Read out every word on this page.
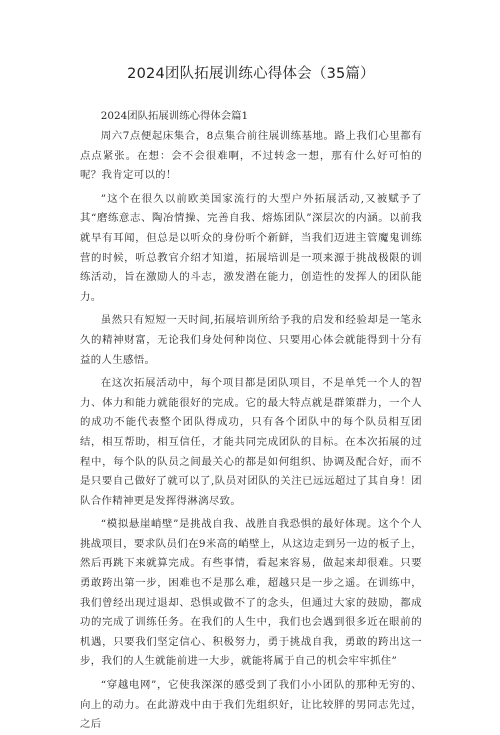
2024团队拓展训练心得体会（35篇）
2024团队拓展训练心得体会篇1

周六7点便起床集合，8点集合前往展训练基地。路上我们心里都有点点紧张。在想：会不会很难啊，不过转念一想，那有什么好可怕的呢？我肯定可以的！

”这个在很久以前欧美国家流行的大型户外拓展活动,又被赋予了其“磨练意志、陶冶情操、完善自我、熔炼团队”深层次的内涵。以前我就早有耳闻，但总是以听众的身份听个新鲜，当我们迈进主管魔鬼训练营的时候，听总教官介绍才知道，拓展培训是一项来源于挑战极限的训练活动，旨在激励人的斗志，激发潜在能力，创造性的发挥人的团队能力。

虽然只有短短一天时间,拓展培训所给予我的启发和经验却是一笔永久的精神财富，无论我们身处何种岗位、只要用心体会就能得到十分有益的人生感悟。

在这次拓展活动中，每个项目都是团队项目，不是单凭一个人的智力、体力和能力就能很好的完成。它的最大特点就是群策群力，一个人的成功不能代表整个团队得成功，只有各个团队中的每个队员相互团结，相互帮助，相互信任，才能共同完成团队的目标。在本次拓展的过程中，每个队的队员之间最关心的都是如何组织、协调及配合好，而不是只要自己做好了就可以了,队员对团队的关注已远远超过了其自身！团队合作精神更是发挥得淋漓尽致。

“模拟悬崖峭壁”是挑战自我、战胜自我恐惧的最好体现。这个个人挑战项目，要求队员们在9米高的峭壁上，从这边走到另一边的板子上，然后再跳下来就算完成。有些事情，看起来容易，做起来却很难。只要勇敢跨出第一步，困难也不是那么难，超越只是一步之遥。在训练中，我们曾经出现过退却、恐惧或做不了的念头，但通过大家的鼓励，都成功的完成了训练任务。在我们的人生中，我们也会遇到很多近在眼前的机遇，只要我们坚定信心、积极努力，勇于挑战自我，勇敢的跨出这一步，我们的人生就能前进一大步，就能将属于自己的机会牢牢抓住”

“穿越电网”，它使我深深的感受到了我们小小团队的那种无穷的、向上的动力。在此游戏中由于我们先组织好，让比较胖的男同志先过，之后
